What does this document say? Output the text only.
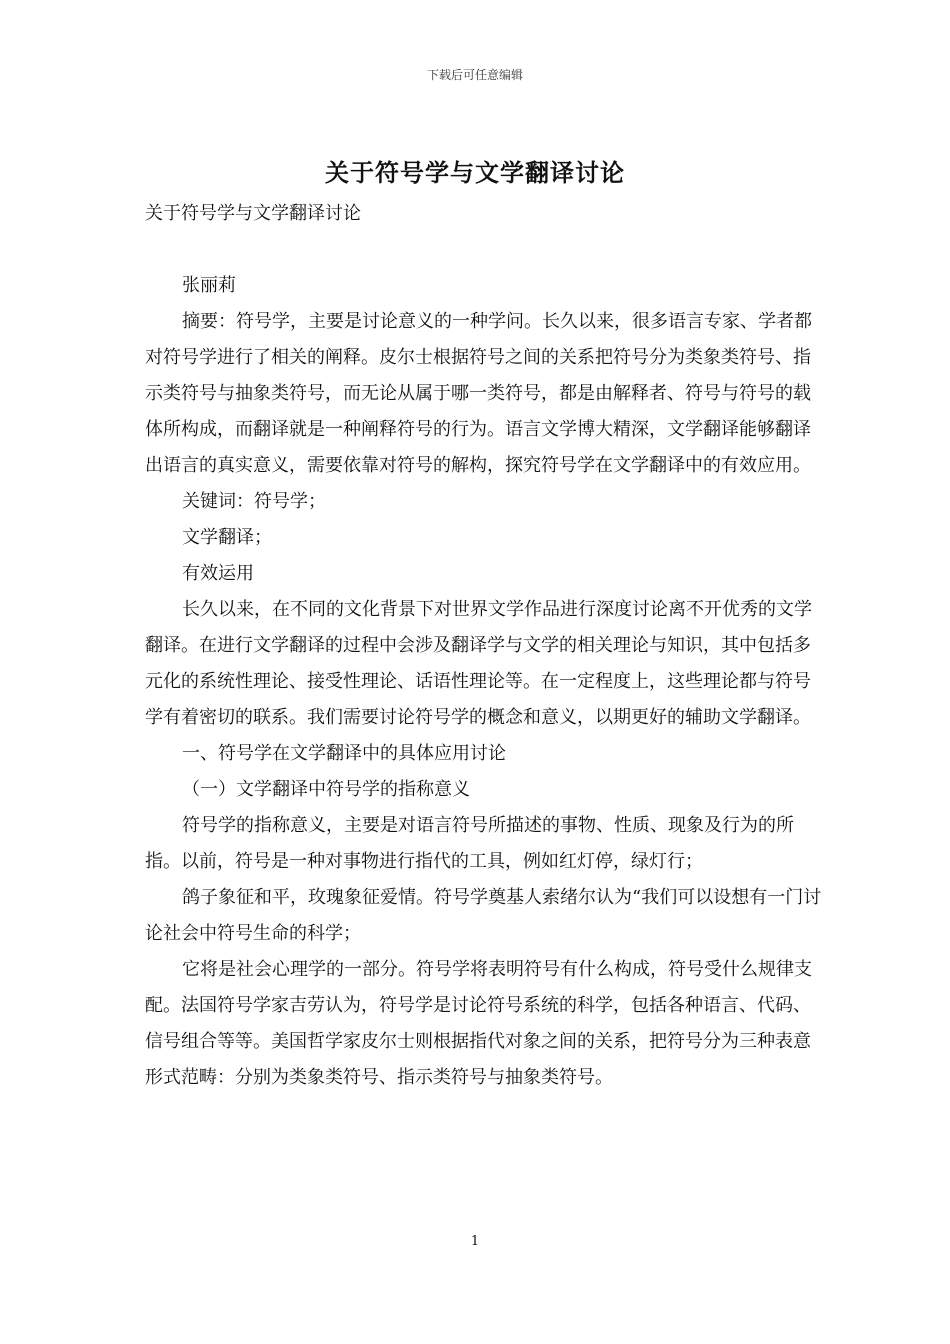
下载后可任意编辑
关于符号学与文学翻译讨论

关于符号学与文学翻译讨论

张丽莉

摘要：符号学，主要是讨论意义的一种学问。长久以来，很多语言专家、学者都对符号学进行了相关的阐释。皮尔士根据符号之间的关系把符号分为类象类符号、指示类符号与抽象类符号，而无论从属于哪一类符号，都是由解释者、符号与符号的载体所构成，而翻译就是一种阐释符号的行为。语言文学博大精深，文学翻译能够翻译出语言的真实意义，需要依靠对符号的解构，探究符号学在文学翻译中的有效应用。

关键词：符号学；

文学翻译；

有效运用

长久以来，在不同的文化背景下对世界文学作品进行深度讨论离不开优秀的文学翻译。在进行文学翻译的过程中会涉及翻译学与文学的相关理论与知识，其中包括多元化的系统性理论、接受性理论、话语性理论等。在一定程度上，这些理论都与符号学有着密切的联系。我们需要讨论符号学的概念和意义，以期更好的辅助文学翻译。

一、符号学在文学翻译中的具体应用讨论

（一）文学翻译中符号学的指称意义

符号学的指称意义，主要是对语言符号所描述的事物、性质、现象及行为的所指。以前，符号是一种对事物进行指代的工具，例如红灯停，绿灯行；

鸽子象征和平，玫瑰象征爱情。符号学奠基人索绪尔认为“我们可以设想有一门讨论社会中符号生命的科学；

它将是社会心理学的一部分。符号学将表明符号有什么构成，符号受什么规律支配。法国符号学家吉劳认为，符号学是讨论符号系统的科学，包括各种语言、代码、信号组合等等。美国哲学家皮尔士则根据指代对象之间的关系，把符号分为三种表意形式范畴：分别为类象类符号、指示类符号与抽象类符号。

1
